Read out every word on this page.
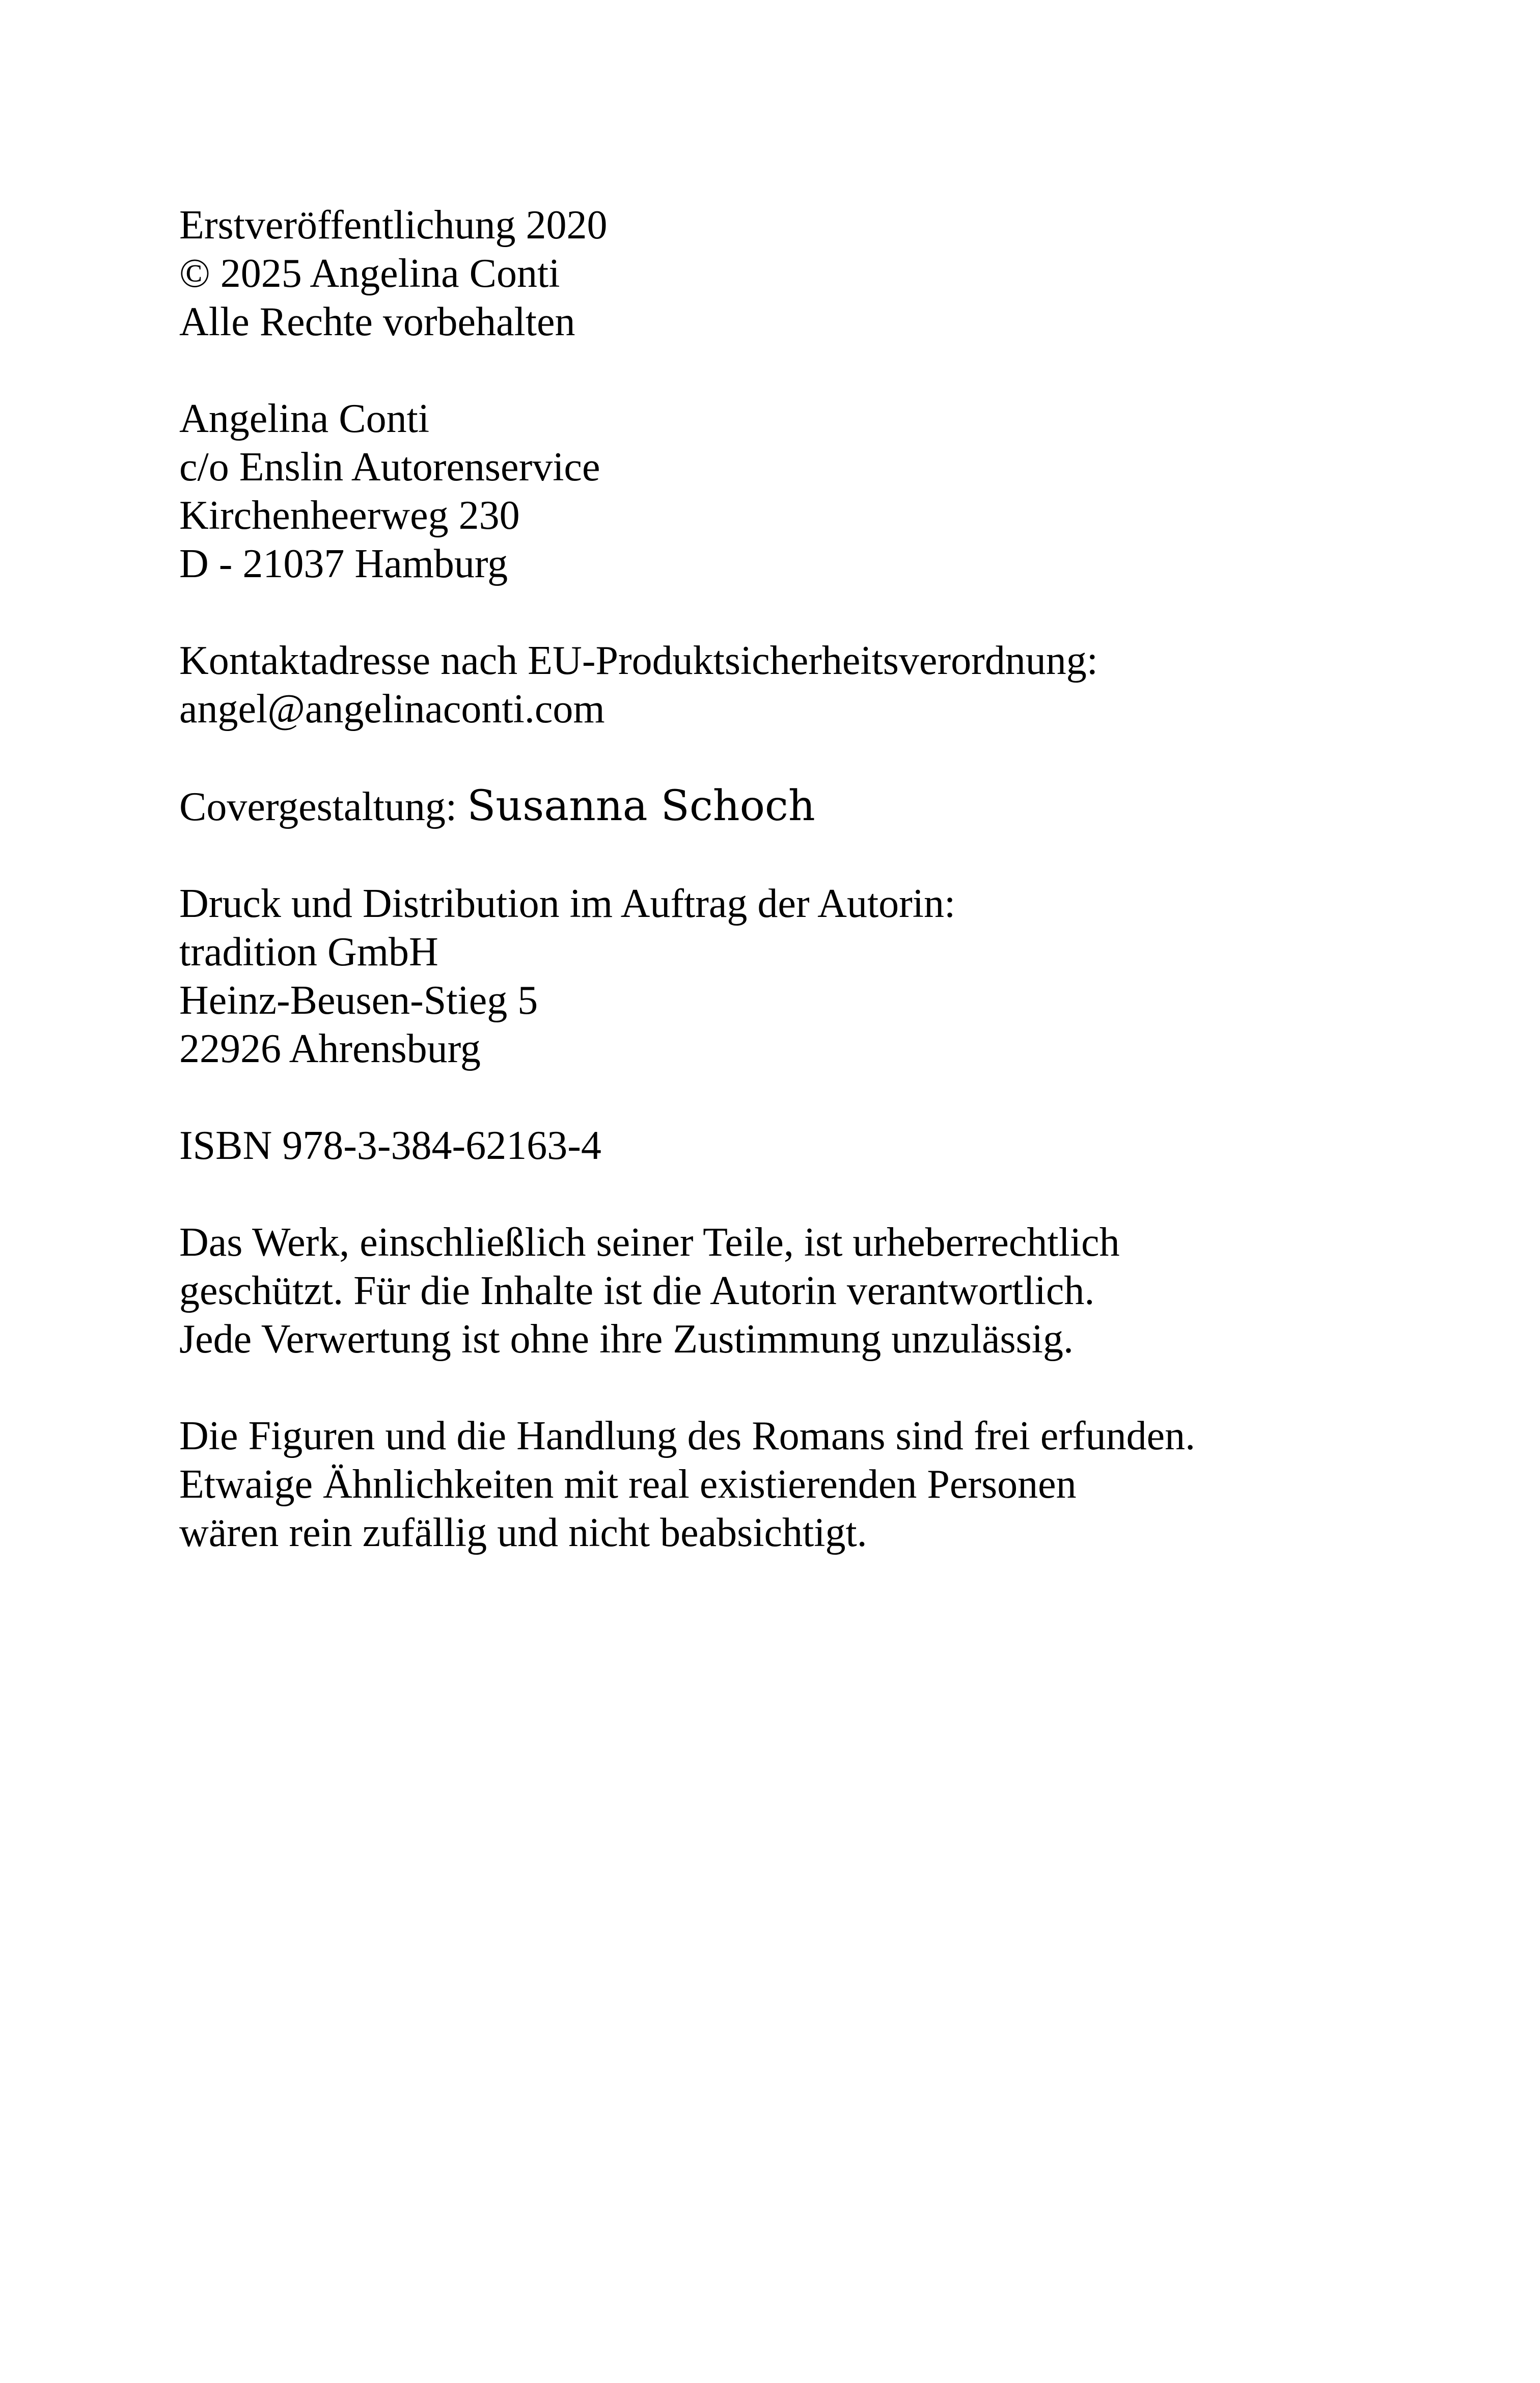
Erstveröffentlichung 2020
© 2025 Angelina Conti
Alle Rechte vorbehalten
Angelina Conti
c/o Enslin Autorenservice
Kirchenheerweg 230
D - 21037 Hamburg
Kontaktadresse nach EU-Produktsicherheitsverordnung:
angel@angelinaconti.com
Covergestaltung: Susanna Schoch
Druck und Distribution im Auftrag der Autorin:
tradition GmbH
Heinz-Beusen-Stieg 5
22926 Ahrensburg
ISBN 978-3-384-62163-4
Das Werk, einschließlich seiner Teile, ist urheberrechtlich
geschützt. Für die Inhalte ist die Autorin verantwortlich.
Jede Verwertung ist ohne ihre Zustimmung unzulässig.
Die Figuren und die Handlung des Romans sind frei erfunden.
Etwaige Ähnlichkeiten mit real existierenden Personen
wären rein zufällig und nicht beabsichtigt.
